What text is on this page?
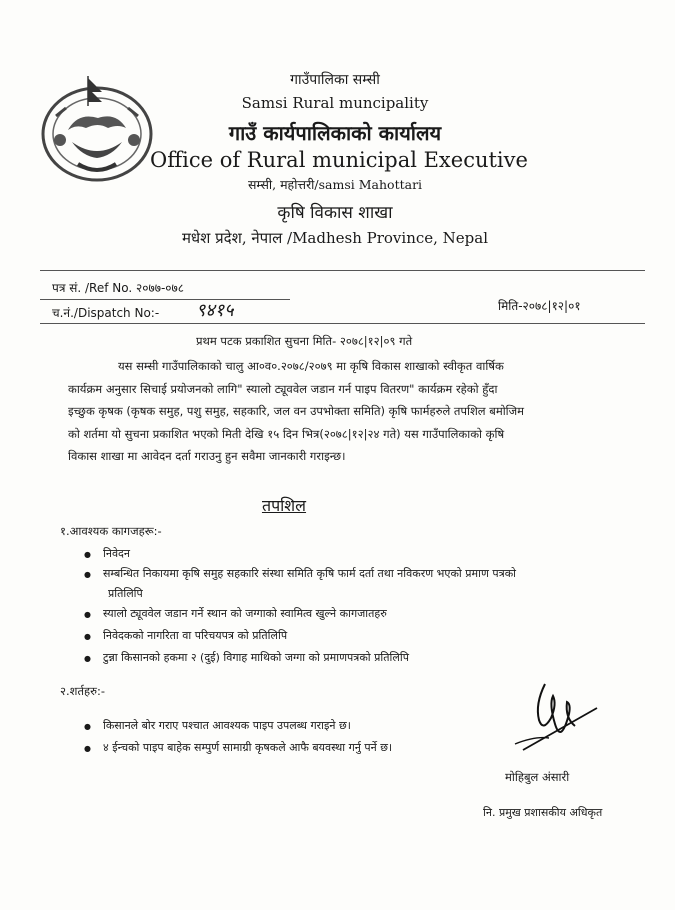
गाउँपालिका सम्सी
Samsi Rural muncipality
गाउँ कार्यपालिकाको कार्यालय
Office of Rural municipal Executive
सम्सी, महोत्तरी/samsi Mahottari
कृषि विकास शाखा
मधेश प्रदेश, नेपाल /Madhesh Province, Nepal
पत्र सं. /Ref No. २०७७-०७८
च.नं./Dispatch No:- ९४१५	मिति-२०७८|१२|०१
प्रथम पटक प्रकाशित सुचना मिति- २०७८|१२|०९ गते
यस सम्सी गाउँपालिकाको चालु आ०व०.२०७८/२०७९ मा कृषि विकास शाखाको स्वीकृत वार्षिक
कार्यक्रम अनुसार सिचाई प्रयोजनको लागि" स्यालो ट्यूववेल जडान गर्न पाइप वितरण" कार्यक्रम रहेको हुँदा
इच्छुक कृषक (कृषक समुह, पशु समुह, सहकारि, जल वन उपभोक्ता समिति) कृषि फार्महरुले तपशिल बमोजिम
को शर्तमा यो सुचना प्रकाशित भएको मिती देखि १५ दिन भित्र(२०७८|१२|२४ गते) यस गाउँपालिकाको कृषि
विकास शाखा मा आवेदन दर्ता गराउनु हुन सवैमा जानकारी गराइन्छ।
तपशिल
१.आवश्यक कागजहरू:-
● निवेदन
● सम्बन्धित निकायमा कृषि समुह सहकारि संस्था समिति कृषि फार्म दर्ता तथा नविकरण भएको प्रमाण पत्रको
प्रतिलिपि
● स्यालो ट्यूववेल जडान गर्ने स्थान को जग्गाको स्वामित्व खुल्ने कागजातहरु
● निवेदकको नागरिता वा परिचयपत्र को प्रतिलिपि
● टुन्ना किसानको हकमा २ (दुई) विगाह माथिको जग्गा को प्रमाणपत्रको प्रतिलिपि
२.शर्तहरु:-
● किसानले बोर गराए पश्चात आवश्यक पाइप उपलब्ध गराइने छ।
● ४ ईन्चको पाइप बाहेक सम्पुर्ण सामाग्री कृषकले आफै बयवस्था गर्नु पर्ने छ।
मोहिबुल अंसारी
नि. प्रमुख प्रशासकीय अधिकृत
